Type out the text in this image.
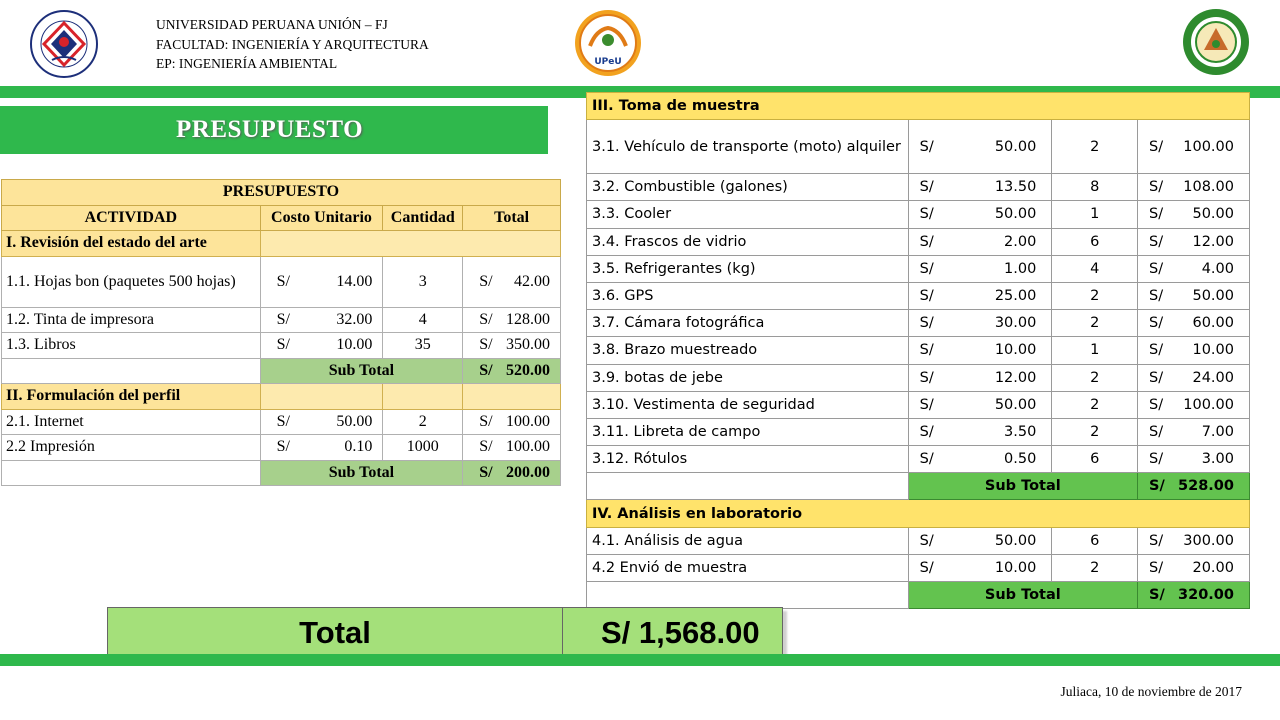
UNIVERSIDAD PERUANA UNIÓN – FJ
FACULTAD: INGENIERÍA Y ARQUITECTURA
EP: INGENIERÍA AMBIENTAL	UPeU
PRESUPUESTO
PRESUPUESTO			
ACTIVIDAD	Costo Unitario	Cantidad	Total
I. Revisión del estado del arte			
1.1. Hojas bon (paquetes 500 hojas)	S/ 14.00	3	S/ 42.00

1.2. Tinta de impresora	S/ 32.00	4	S/ 128.00

1.3. Libros	S/ 10.00	35	S/ 350.00

	Sub Total		S/ 520.00

II. Formulación del perfil			
2.1. Internet	S/ 50.00	2	S/ 100.00

2.2 Impresión	S/ 0.10	1000	S/ 100.00

	Sub Total		S/ 200.00
III. Toma de muestra			
3.1. Vehículo de transporte (moto) alquiler	S/ 50.00	2	S/ 100.00

3.2. Combustible (galones)	S/ 13.50	8	S/ 108.00

3.3. Cooler	S/ 50.00	1	S/ 50.00

3.4. Frascos de vidrio	S/ 2.00	6	S/ 12.00

3.5. Refrigerantes (kg)	S/ 1.00	4	S/ 4.00

3.6. GPS	S/ 25.00	2	S/ 50.00

3.7. Cámara fotográfica	S/ 30.00	2	S/ 60.00

3.8. Brazo muestreado	S/ 10.00	1	S/ 10.00

3.9. botas de jebe	S/ 12.00	2	S/ 24.00

3.10. Vestimenta de seguridad	S/ 50.00	2	S/ 100.00

3.11. Libreta de campo	S/ 3.50	2	S/ 7.00

3.12. Rótulos	S/ 0.50	6	S/ 3.00

	Sub Total		S/ 528.00

IV. Análisis en laboratorio			
4.1. Análisis de agua	S/ 50.00	6	S/ 300.00

4.2 Envió de muestra	S/ 10.00	2	S/ 20.00

	Sub Total		S/ 320.00
Total	S/ 1,568.00
Juliaca, 10 de noviembre de 2017
